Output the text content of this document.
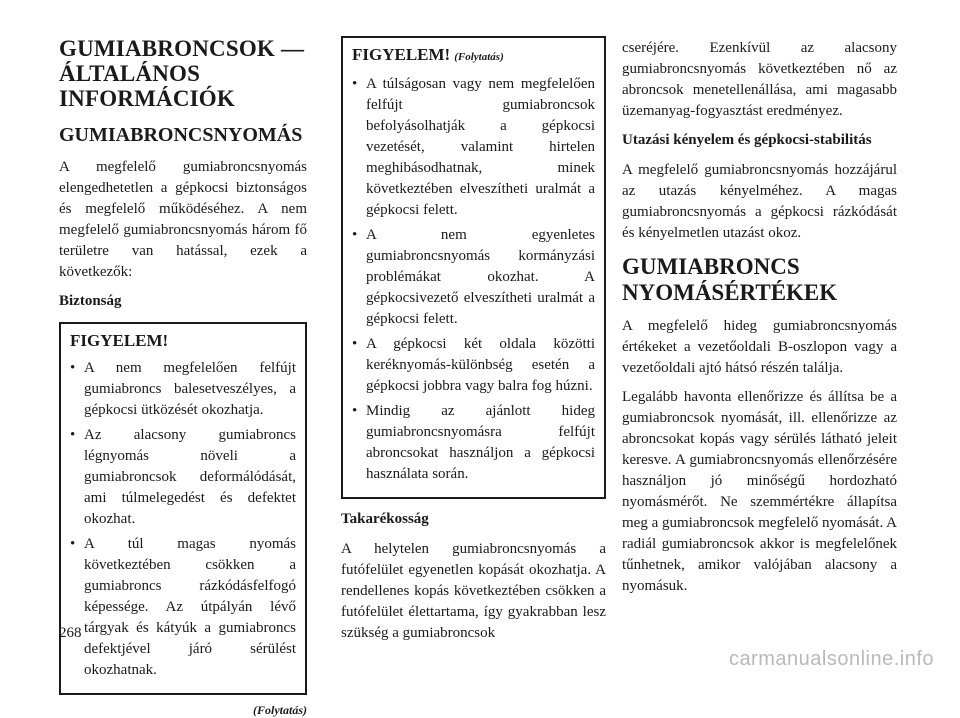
GUMIABRONCSOK —
ÁLTALÁNOS
INFORMÁCIÓK
GUMIABRONCSNYOMÁS

A megfelelő gumiabroncsnyomás elengedhetetlen a gépkocsi biztonságos és megfelelő működéséhez. A nem megfelelő gumiabroncsnyomás három fő területre van hatással, ezek a következők:

Biztonság
FIGYELEM!
• A nem megfelelően felfújt gumiabroncs balesetveszélyes, a gépkocsi ütközését okozhatja.
• Az alacsony gumiabroncs légnyomás növeli a gumiabroncsok deformálódását, ami túlmelegedést és defektet okozhat.
• A túl magas nyomás következtében csökken a gumiabroncs rázkódásfelfogó képessége. Az útpályán lévő tárgyak és kátyúk a gumiabroncs defektjével járó sérülést okozhatnak.
(Folytatás)
FIGYELEM! (Folytatás)
• A túlságosan vagy nem megfelelően felfújt gumiabroncsok befolyásolhatják a gépkocsi vezetését, valamint hirtelen meghibásodhatnak, minek következtében elveszítheti uralmát a gépkocsi felett.
• A nem egyenletes gumiabroncsnyomás kormányzási problémákat okozhat. A gépkocsivezető elveszítheti uralmát a gépkocsi felett.
• A gépkocsi két oldala közötti keréknyomás-különbség esetén a gépkocsi jobbra vagy balra fog húzni.
• Mindig az ajánlott hideg gumiabroncsnyomásra felfújt abroncsokat használjon a gépkocsi használata során.
Takarékosság

A helytelen gumiabroncsnyomás a futófelület egyenetlen kopását okozhatja. A rendellenes kopás következtében csökken a futófelület élettartama, így gyakrabban lesz szükség a gumiabroncsok

cseréjére. Ezenkívül az alacsony gumiabroncsnyomás következtében nő az abroncsok menetellenállása, ami magasabb üzemanyag-fogyasztást eredményez.

Utazási kényelem és gépkocsi-stabilitás

A megfelelő gumiabroncsnyomás hozzájárul az utazás kényelméhez. A magas gumiabroncsnyomás a gépkocsi rázkódását és kényelmetlen utazást okoz.

GUMIABRONCS
NYOMÁSÉRTÉKEK

A megfelelő hideg gumiabroncsnyomás értékeket a vezetőoldali B-oszlopon vagy a vezetőoldali ajtó hátsó részén találja.

Legalább havonta ellenőrizze és állítsa be a gumiabroncsok nyomását, ill. ellenőrizze az abroncsokat kopás vagy sérülés látható jeleit keresve. A gumiabroncsnyomás ellenőrzésére használjon jó minőségű hordozható nyomásmérőt. Ne szemmértékre állapítsa meg a gumiabroncsok megfelelő nyomását. A radiál gumiabroncsok akkor is megfelelőnek tűnhetnek, amikor valójában alacsony a nyomásuk.

268
carmanualsonline.info
